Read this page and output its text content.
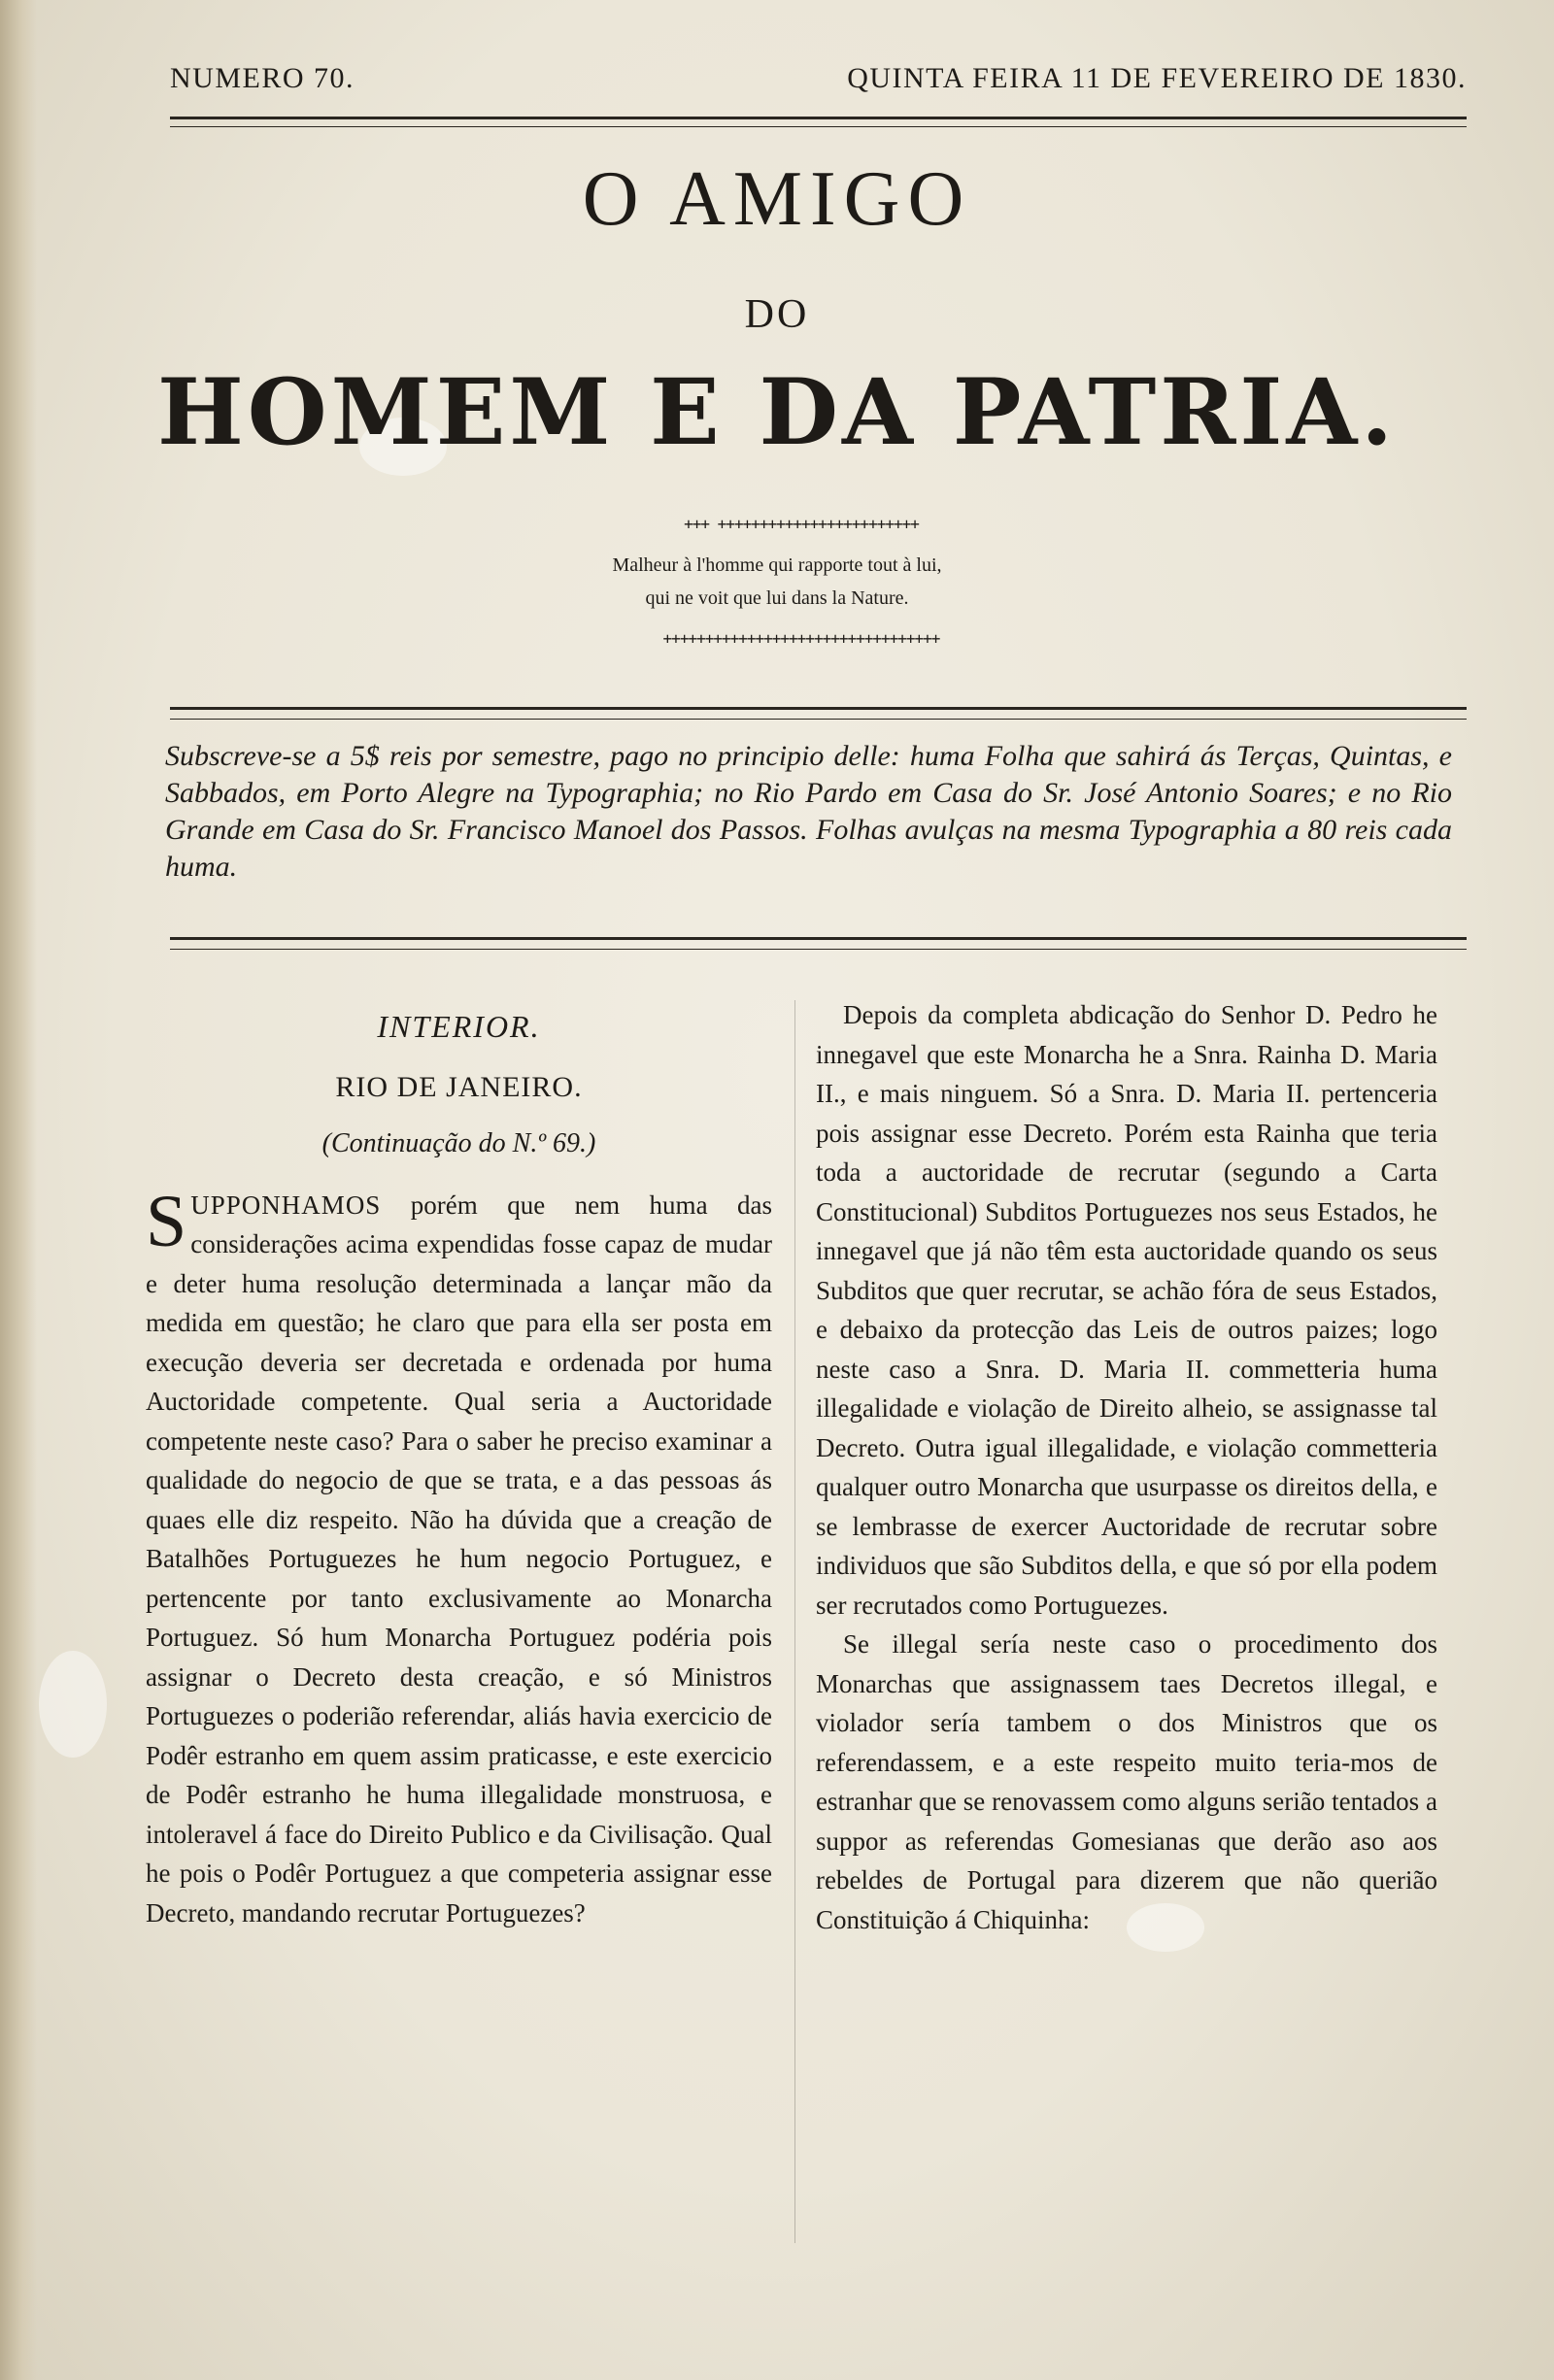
NUMERO 70.	QUINTA FEIRA 11 DE FEVEREIRO DE 1830.
O AMIGO
DO
HOMEM E DA PATRIA.
+++ ++++++++++++++++++++++++
Malheur à l'homme qui rapporte tout à lui,
qui ne voit que lui dans la Nature.
+++++++++++++++++++++++++++++++++
Subscreve-se a 5$ reis por semestre, pago no principio delle: huma Folha que sahirá ás Terças, Quintas, e Sabbados, em Porto Alegre na Typographia; no Rio Pardo em Casa do Sr. José Antonio Soares; e no Rio Grande em Casa do Sr. Francisco Manoel dos Passos. Folhas avulças na mesma Typographia a 80 reis cada huma.
INTERIOR.
RIO DE JANEIRO.
(Continuação do N.º 69.)

SUPPONHAMOS porém que nem huma das considerações acima expendidas fosse capaz de mudar e deter huma resolução determinada a lançar mão da medida em questão; he claro que para ella ser posta em execução deveria ser decretada e ordenada por huma Auctoridade competente. Qual seria a Auctoridade competente neste caso? Para o saber he preciso examinar a qualidade do negocio de que se trata, e a das pessoas ás quaes elle diz respeito. Não ha dúvida que a creação de Batalhões Portuguezes he hum negocio Portuguez, e pertencente por tanto exclusivamente ao Monarcha Portuguez. Só hum Monarcha Portuguez podéria pois assignar o Decreto desta creação, e só Ministros Portuguezes o poderião referendar, aliás havia exercicio de Podêr estranho em quem assim praticasse, e este exercicio de Podêr estranho he huma illegalidade monstruosa, e intoleravel á face do Direito Publico e da Civilisação. Qual he pois o Podêr Portuguez a que competeria assignar esse Decreto, mandando recrutar Portuguezes?

Depois da completa abdicação do Senhor D. Pedro he innegavel que este Monarcha he a Snra. Rainha D. Maria II., e mais ninguem. Só a Snra. D. Maria II. pertenceria pois assignar esse Decreto. Porém esta Rainha que teria toda a auctoridade de recrutar (segundo a Carta Constitucional) Subditos Portuguezes nos seus Estados, he innegavel que já não têm esta auctoridade quando os seus Subditos que quer recrutar, se achão fóra de seus Estados, e debaixo da protecção das Leis de outros paizes; logo neste caso a Snra. D. Maria II. commetteria huma illegalidade e violação de Direito alheio, se assignasse tal Decreto. Outra igual illegalidade, e violação commetteria qualquer outro Monarcha que usurpasse os direitos della, e se lembrasse de exercer Auctoridade de recrutar sobre individuos que são Subditos della, e que só por ella podem ser recrutados como Portuguezes.

Se illegal sería neste caso o procedimento dos Monarchas que assignassem taes Decretos illegal, e violador sería tambem o dos Ministros que os referendassem, e a este respeito muito teria-mos de estranhar que se renovassem como alguns serião tentados a suppor as referendas Gomesianas que derão aso aos rebeldes de Portugal para dizerem que não querião Constituição á Chiquinha:
